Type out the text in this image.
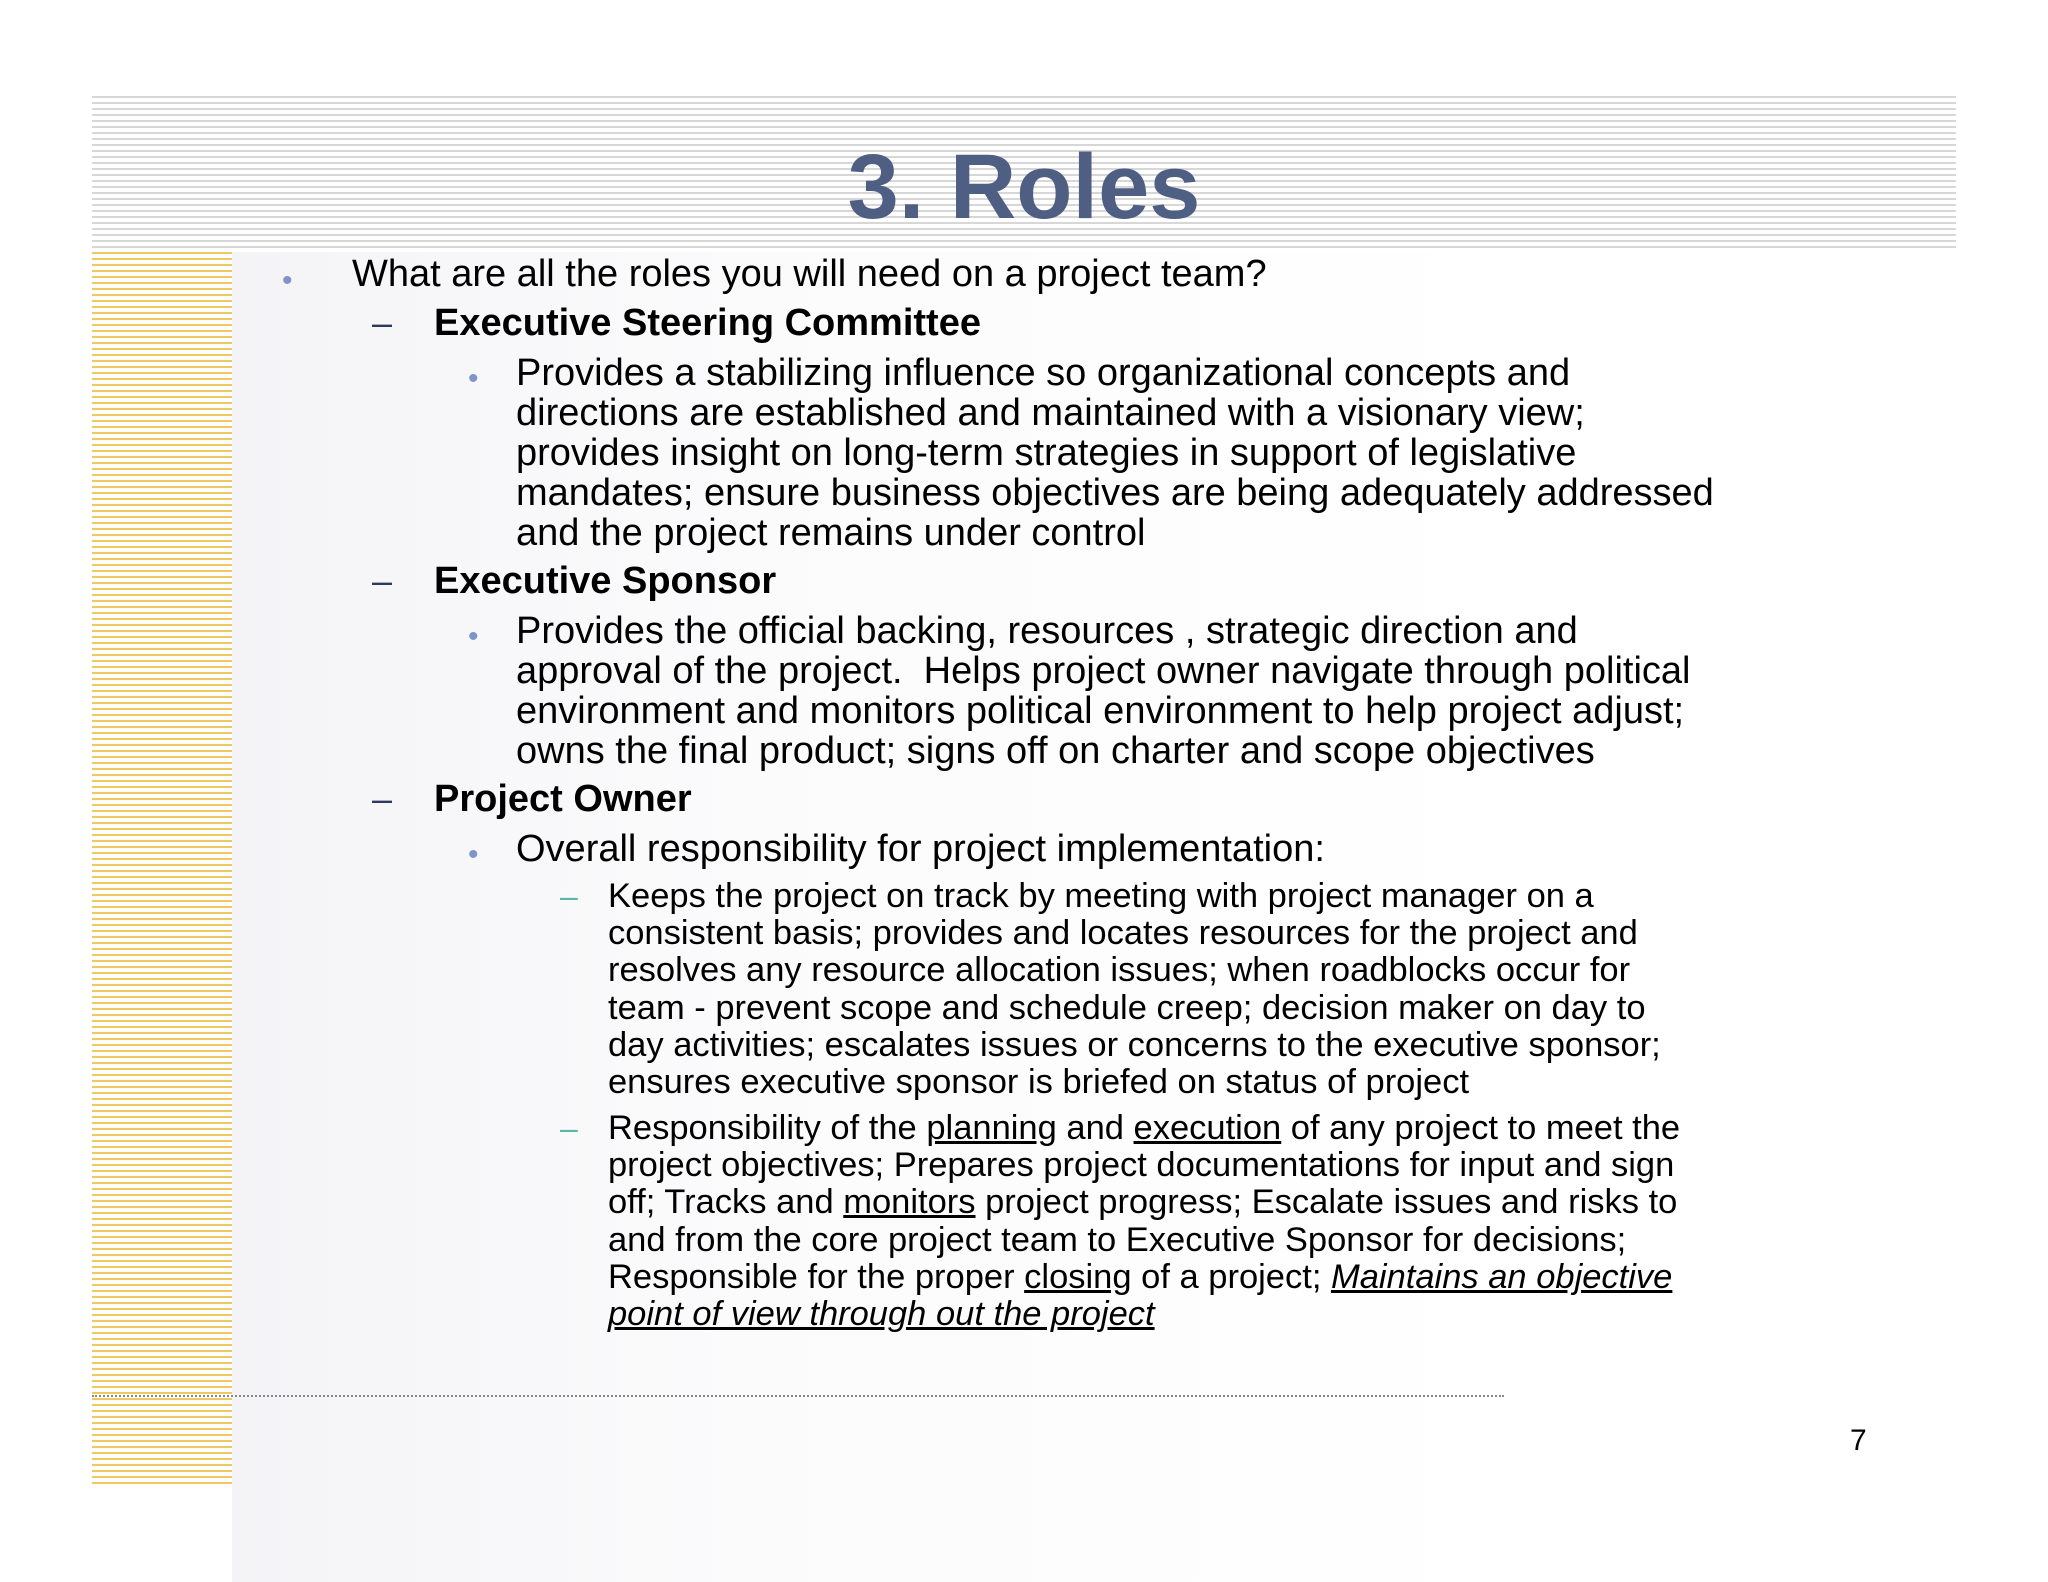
3. Roles
• What are all the roles you will need on a project team?
– Executive Steering Committee
• Provides a stabilizing influence so organizational concepts and
directions are established and maintained with a visionary view;
provides insight on long-term strategies in support of legislative
mandates; ensure business objectives are being adequately addressed
and the project remains under control
– Executive Sponsor
• Provides the official backing, resources , strategic direction and
approval of the project.  Helps project owner navigate through political
environment and monitors political environment to help project adjust;
owns the final product; signs off on charter and scope objectives
– Project Owner
• Overall responsibility for project implementation:
– Keeps the project on track by meeting with project manager on a
consistent basis; provides and locates resources for the project and
resolves any resource allocation issues; when roadblocks occur for
team - prevent scope and schedule creep; decision maker on day to
day activities; escalates issues or concerns to the executive sponsor;
ensures executive sponsor is briefed on status of project
– Responsibility of the planning and execution of any project to meet the
project objectives; Prepares project documentations for input and sign
off; Tracks and monitors project progress; Escalate issues and risks to
and from the core project team to Executive Sponsor for decisions;
Responsible for the proper closing of a project; Maintains an objective
point of view through out the project
7
